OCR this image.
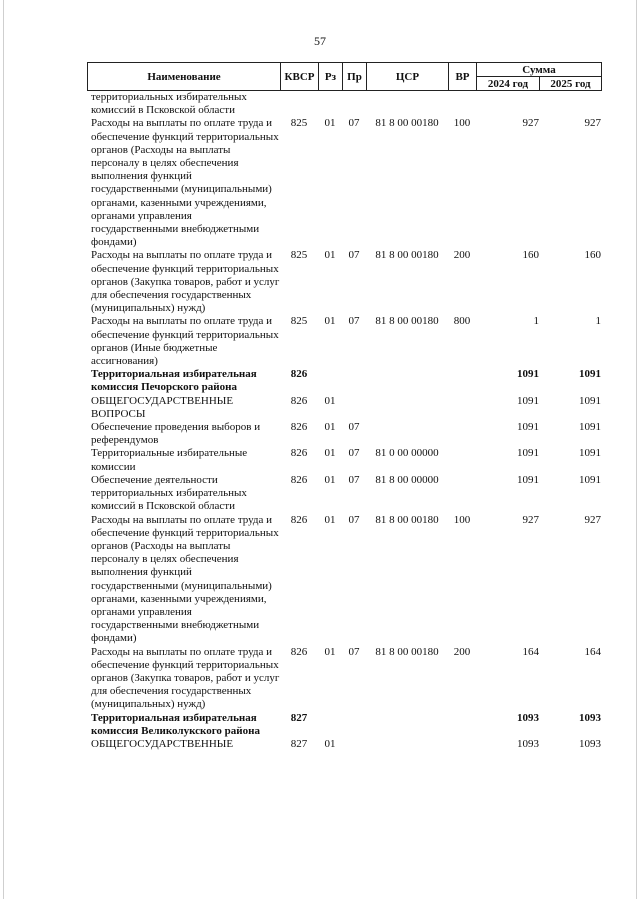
57
Наименование	КВСР	Рз	Пр	ЦСР	ВР	Сумма	
						2024 год	2025 год
территориальных избирательных комиссий в Псковской области							
Расходы на выплаты по оплате труда и обеспечение функций территориальных органов (Расходы на выплаты персоналу в целях обеспечения выполнения функций государственными (муниципальными) органами, казенными учреждениями, органами управления государственными внебюджетными фондами)	825	01	07	81 8 00 00180	100	927	927
Расходы на выплаты по оплате труда и обеспечение функций территориальных органов (Закупка товаров, работ и услуг для обеспечения государственных (муниципальных) нужд)	825	01	07	81 8 00 00180	200	160	160
Расходы на выплаты по оплате труда и обеспечение функций территориальных органов (Иные бюджетные ассигнования)	825	01	07	81 8 00 00180	800	1	1
Территориальная избирательная комиссия Печорского района	826					1091	1091
ОБЩЕГОСУДАРСТВЕННЫЕ ВОПРОСЫ	826	01				1091	1091
Обеспечение проведения выборов и референдумов	826	01	07			1091	1091
Территориальные избирательные комиссии	826	01	07	81 0 00 00000		1091	1091
Обеспечение деятельности территориальных избирательных комиссий в Псковской области	826	01	07	81 8 00 00000		1091	1091
Расходы на выплаты по оплате труда и обеспечение функций территориальных органов (Расходы на выплаты персоналу в целях обеспечения выполнения функций государственными (муниципальными) органами, казенными учреждениями, органами управления государственными внебюджетными фондами)	826	01	07	81 8 00 00180	100	927	927
Расходы на выплаты по оплате труда и обеспечение функций территориальных органов (Закупка товаров, работ и услуг для обеспечения государственных (муниципальных) нужд)	826	01	07	81 8 00 00180	200	164	164
Территориальная избирательная комиссия Великолукского района	827					1093	1093
ОБЩЕГОСУДАРСТВЕННЫЕ	827	01				1093	1093
